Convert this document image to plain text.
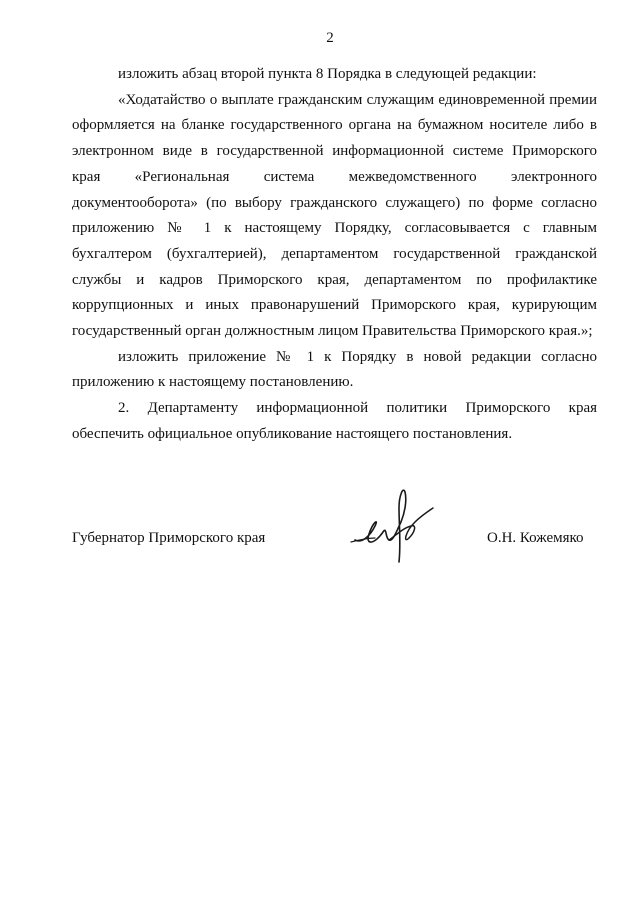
2

изложить абзац второй пункта 8 Порядка в следующей редакции:

«Ходатайство о выплате гражданским служащим единовременной премии оформляется на бланке государственного органа на бумажном носителе либо в электронном виде в государственной информационной системе Приморского края «Региональная система межведомственного электронного документооборота» (по выбору гражданского служащего) по форме согласно приложению № 1 к настоящему Порядку, согласовывается с главным бухгалтером (бухгалтерией), департаментом государственной гражданской службы и кадров Приморского края, департаментом по профилактике коррупционных и иных правонарушений Приморского края, курирующим государственный орган должностным лицом Правительства Приморского края.»;

изложить приложение № 1 к Порядку в новой редакции согласно приложению к настоящему постановлению.

2. Департаменту информационной политики Приморского края обеспечить официальное опубликование настоящего постановления.

Губернатор Приморского края	О.Н. Кожемяко
